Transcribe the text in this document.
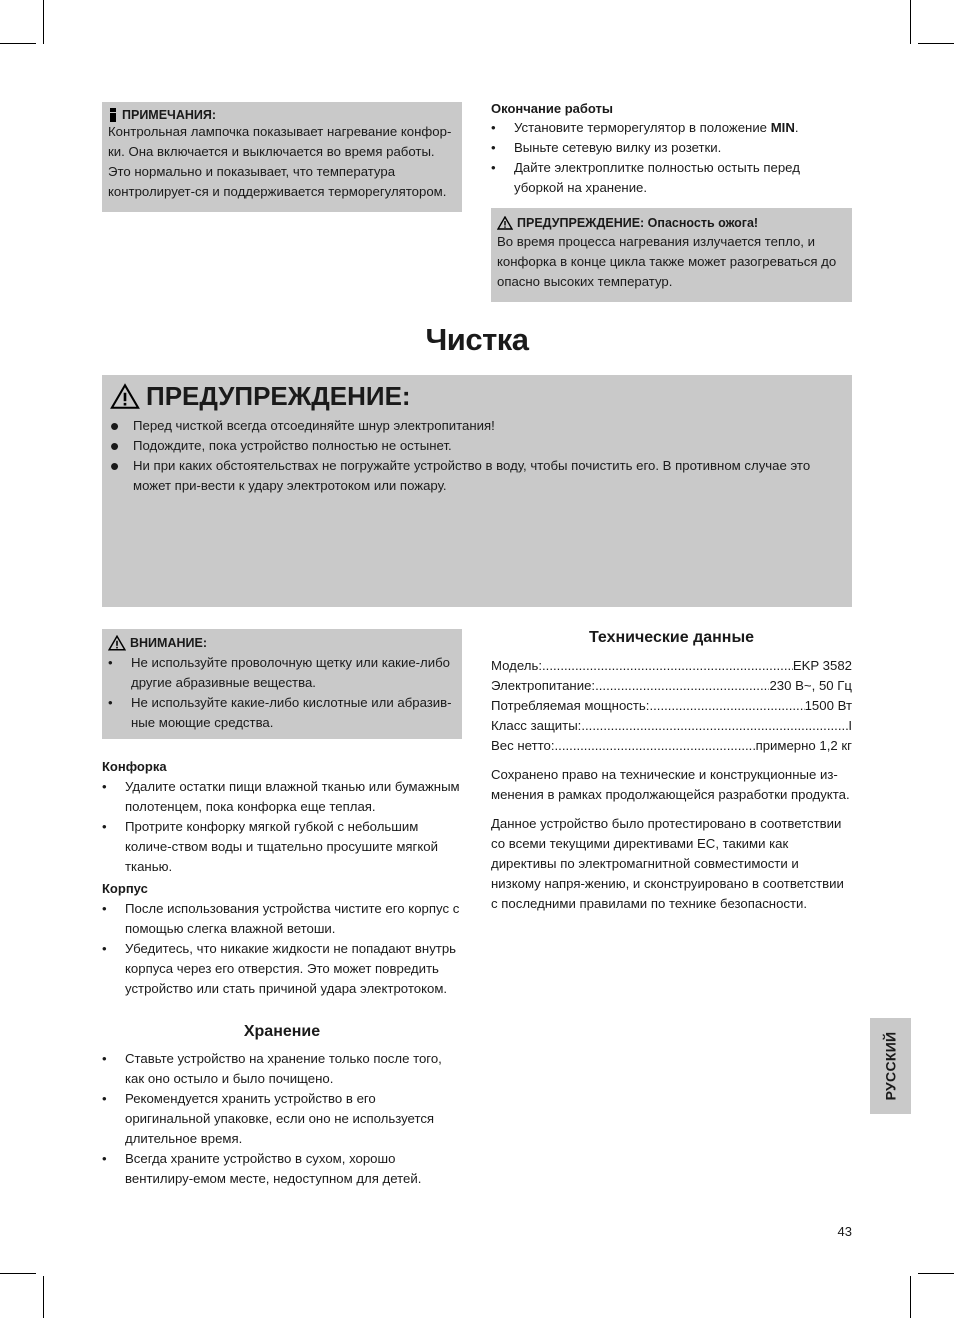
ПРИМЕЧАНИЯ:
Контрольная лампочка показывает нагревание конфор-ки. Она включается и выключается во время работы. Это нормально и показывает, что температура контролирует-ся и поддерживается терморегулятором.
Окончание работы
• Установите терморегулятор в положение MIN.
• Выньте сетевую вилку из розетки.
• Дайте электроплитке полностью остыть перед уборкой на хранение.
ПРЕДУПРЕЖДЕНИЕ: Опасность ожога!
Во время процесса нагревания излучается тепло, и конфорка в конце цикла также может разогреваться до опасно высоких температур.
Чистка
ПРЕДУПРЕЖДЕНИЕ:
• Перед чисткой всегда отсоединяйте шнур электропитания!
• Подождите, пока устройство полностью не остынет.
• Ни при каких обстоятельствах не погружайте устройство в воду, чтобы почистить его. В противном случае это может при-вести к удару электротоком или пожару.
ВНИМАНИЕ:
• Не используйте проволочную щетку или какие-либо другие абразивные вещества.
• Не используйте какие-либо кислотные или абразив-ные моющие средства.
Конфорка
• Удалите остатки пищи влажной тканью или бумажным полотенцем, пока конфорка еще теплая.
• Протрите конфорку мягкой губкой с небольшим количе-ством воды и тщательно просушите мягкой тканью.
Корпус
• После использования устройства чистите его корпус с помощью слегка влажной ветоши.
• Убедитесь, что никакие жидкости не попадают внутрь корпуса через его отверстия. Это может повредить устройство или стать причиной удара электротоком.
Хранение
• Ставьте устройство на хранение только после того, как оно остыло и было почищено.
• Рекомендуется хранить устройство в его оригинальной упаковке, если оно не используется длительное время.
• Всегда храните устройство в сухом, хорошо вентилиру-емом месте, недоступном для детей.
Технические данные
Модель: .....	EKP 3582
Электропитание: .....	230 В~, 50 Гц
Потребляемая мощность: .....	1500 Вт
Класс защиты: .....	I
Вес нетто: .....	примерно 1,2 кг
Сохранено право на технические и конструкционные из-менения в рамках продолжающейся разработки продукта.
Данное устройство было протестировано в соответствии со всеми текущими директивами ЕС, такими как директивы по электромагнитной совместимости и низкому напря-жению, и сконструировано в соответствии с последними правилами по технике безопасности.
РУССКИЙ
43
